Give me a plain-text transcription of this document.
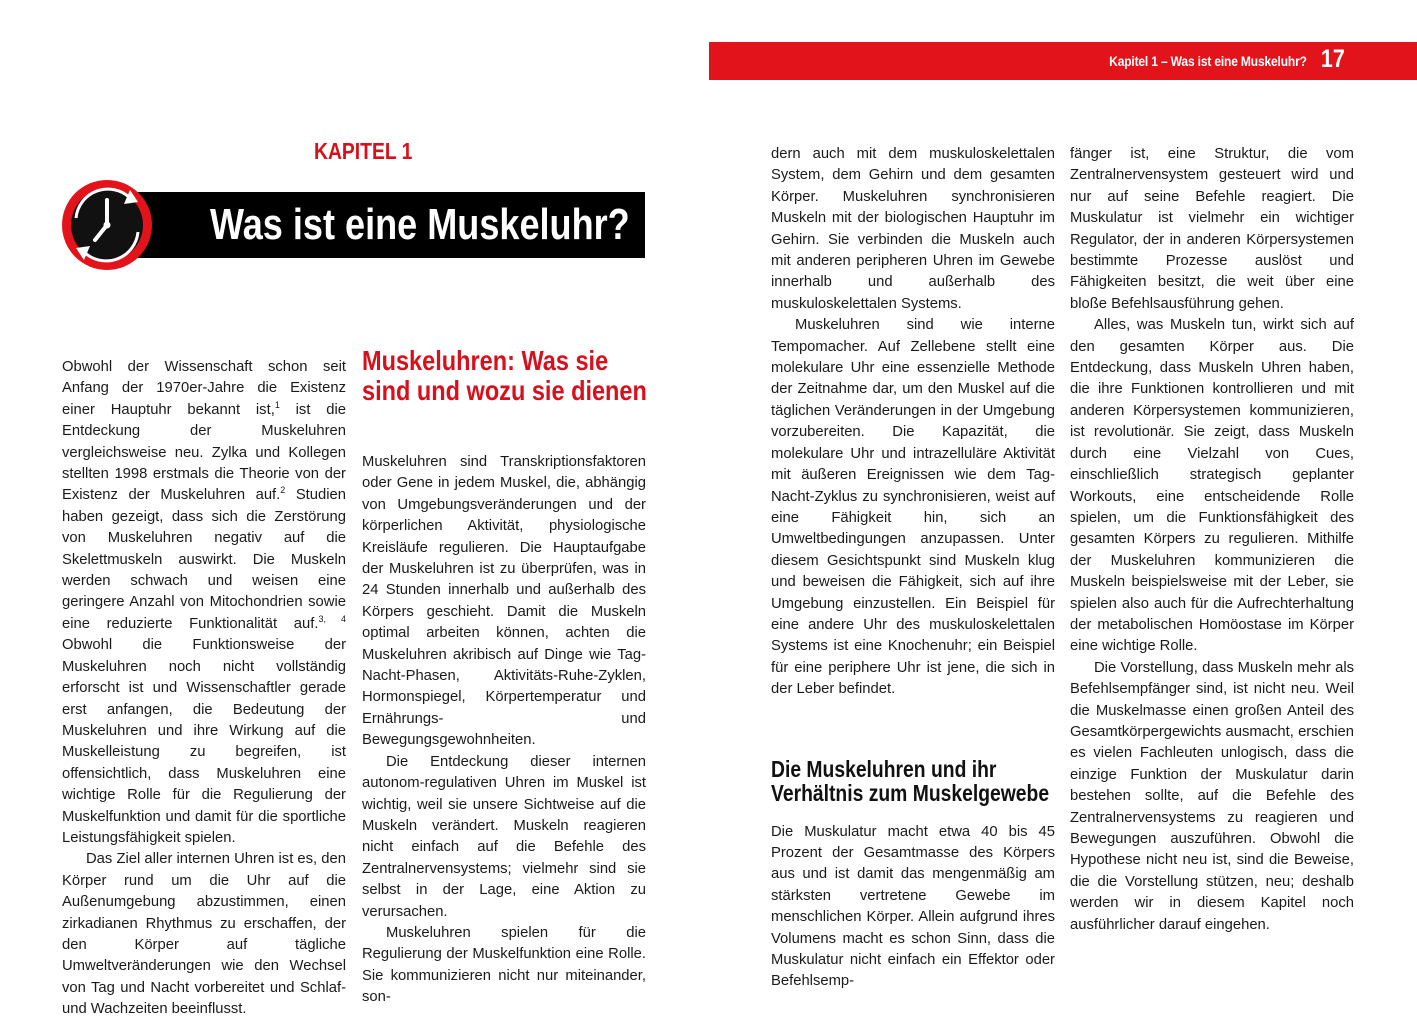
Kapitel 1 – Was ist eine Muskeluhr? 17
KAPITEL 1
Was ist eine Muskeluhr?

Obwohl der Wissenschaft schon seit Anfang der 1970er-Jahre die Existenz einer Hauptuhr bekannt ist,$^1$ ist die Entdeckung der Muskeluhren vergleichsweise neu. Zylka und Kollegen stellten 1998 erstmals die Theorie von der Existenz der Muskeluhren auf.$^2$ Studien haben gezeigt, dass sich die Zerstörung von Muskeluhren negativ auf die Skelettmuskeln auswirkt. Die Muskeln werden schwach und weisen eine geringere Anzahl von Mitochondrien sowie eine reduzierte Funktionalität auf.$^{3, 4}$ Obwohl die Funktionsweise der Muskeluhren noch nicht vollständig erforscht ist und Wissenschaftler gerade erst anfangen, die Bedeutung der Muskeluhren und ihre Wirkung auf die Muskelleistung zu begreifen, ist offensichtlich, dass Muskeluhren eine wichtige Rolle für die Regulierung der Muskelfunktion und damit für die sportliche Leistungsfähigkeit spielen.

Das Ziel aller internen Uhren ist es, den Körper rund um die Uhr auf die Außenumgebung abzustimmen, einen zirkadianen Rhythmus zu erschaffen, der den Körper auf tägliche Umweltveränderungen wie den Wechsel von Tag und Nacht vorbereitet und Schlaf- und Wachzeiten beeinflusst.

Muskeluhren: Was sie sind und wozu sie dienen

Muskeluhren sind Transkriptionsfaktoren oder Gene in jedem Muskel, die, abhängig von Umgebungsveränderungen und der körperlichen Aktivität, physiologische Kreisläufe regulieren. Die Hauptaufgabe der Muskeluhren ist zu überprüfen, was in 24 Stunden innerhalb und außerhalb des Körpers geschieht. Damit die Muskeln optimal arbeiten können, achten die Muskeluhren akribisch auf Dinge wie Tag-Nacht-Phasen, Aktivitäts-Ruhe-Zyklen, Hormonspiegel, Körpertemperatur und Ernährungs- und Bewegungsgewohnheiten.

Die Entdeckung dieser internen autonom-regulativen Uhren im Muskel ist wichtig, weil sie unsere Sichtweise auf die Muskeln verändert. Muskeln reagieren nicht einfach auf die Befehle des Zentralnervensystems; vielmehr sind sie selbst in der Lage, eine Aktion zu verursachen.

Muskeluhren spielen für die Regulierung der Muskelfunktion eine Rolle. Sie kommunizieren nicht nur miteinander, son-

dern auch mit dem muskuloskelettalen System, dem Gehirn und dem gesamten Körper. Muskeluhren synchronisieren Muskeln mit der biologischen Hauptuhr im Gehirn. Sie verbinden die Muskeln auch mit anderen peripheren Uhren im Gewebe innerhalb und außerhalb des muskuloskelettalen Systems.

Muskeluhren sind wie interne Tempomacher. Auf Zellebene stellt eine molekulare Uhr eine essenzielle Methode der Zeitnahme dar, um den Muskel auf die täglichen Veränderungen in der Umgebung vorzubereiten. Die Kapazität, die molekulare Uhr und intrazelluläre Aktivität mit äußeren Ereignissen wie dem Tag-Nacht-Zyklus zu synchronisieren, weist auf eine Fähigkeit hin, sich an Umweltbedingungen anzupassen. Unter diesem Gesichtspunkt sind Muskeln klug und beweisen die Fähigkeit, sich auf ihre Umgebung einzustellen. Ein Beispiel für eine andere Uhr des muskuloskelettalen Systems ist eine Knochenuhr; ein Beispiel für eine periphere Uhr ist jene, die sich in der Leber befindet.

Die Muskeluhren und ihr Verhältnis zum Muskelgewebe

Die Muskulatur macht etwa 40 bis 45 Prozent der Gesamtmasse des Körpers aus und ist damit das mengenmäßig am stärksten vertretene Gewebe im menschlichen Körper. Allein aufgrund ihres Volumens macht es schon Sinn, dass die Muskulatur nicht einfach ein Effektor oder Befehlsemp-

fänger ist, eine Struktur, die vom Zentralnervensystem gesteuert wird und nur auf seine Befehle reagiert. Die Muskulatur ist vielmehr ein wichtiger Regulator, der in anderen Körpersystemen bestimmte Prozesse auslöst und Fähigkeiten besitzt, die weit über eine bloße Befehlsausführung gehen.

Alles, was Muskeln tun, wirkt sich auf den gesamten Körper aus. Die Entdeckung, dass Muskeln Uhren haben, die ihre Funktionen kontrollieren und mit anderen Körpersystemen kommunizieren, ist revolutionär. Sie zeigt, dass Muskeln durch eine Vielzahl von Cues, einschließlich strategisch geplanter Workouts, eine entscheidende Rolle spielen, um die Funktionsfähigkeit des gesamten Körpers zu regulieren. Mithilfe der Muskeluhren kommunizieren die Muskeln beispielsweise mit der Leber, sie spielen also auch für die Aufrechterhaltung der metabolischen Homöostase im Körper eine wichtige Rolle.

Die Vorstellung, dass Muskeln mehr als Befehlsempfänger sind, ist nicht neu. Weil die Muskelmasse einen großen Anteil des Gesamtkörpergewichts ausmacht, erschien es vielen Fachleuten unlogisch, dass die einzige Funktion der Muskulatur darin bestehen sollte, auf die Befehle des Zentralnervensystems zu reagieren und Bewegungen auszuführen. Obwohl die Hypothese nicht neu ist, sind die Beweise, die die Vorstellung stützen, neu; deshalb werden wir in diesem Kapitel noch ausführlicher darauf eingehen.
